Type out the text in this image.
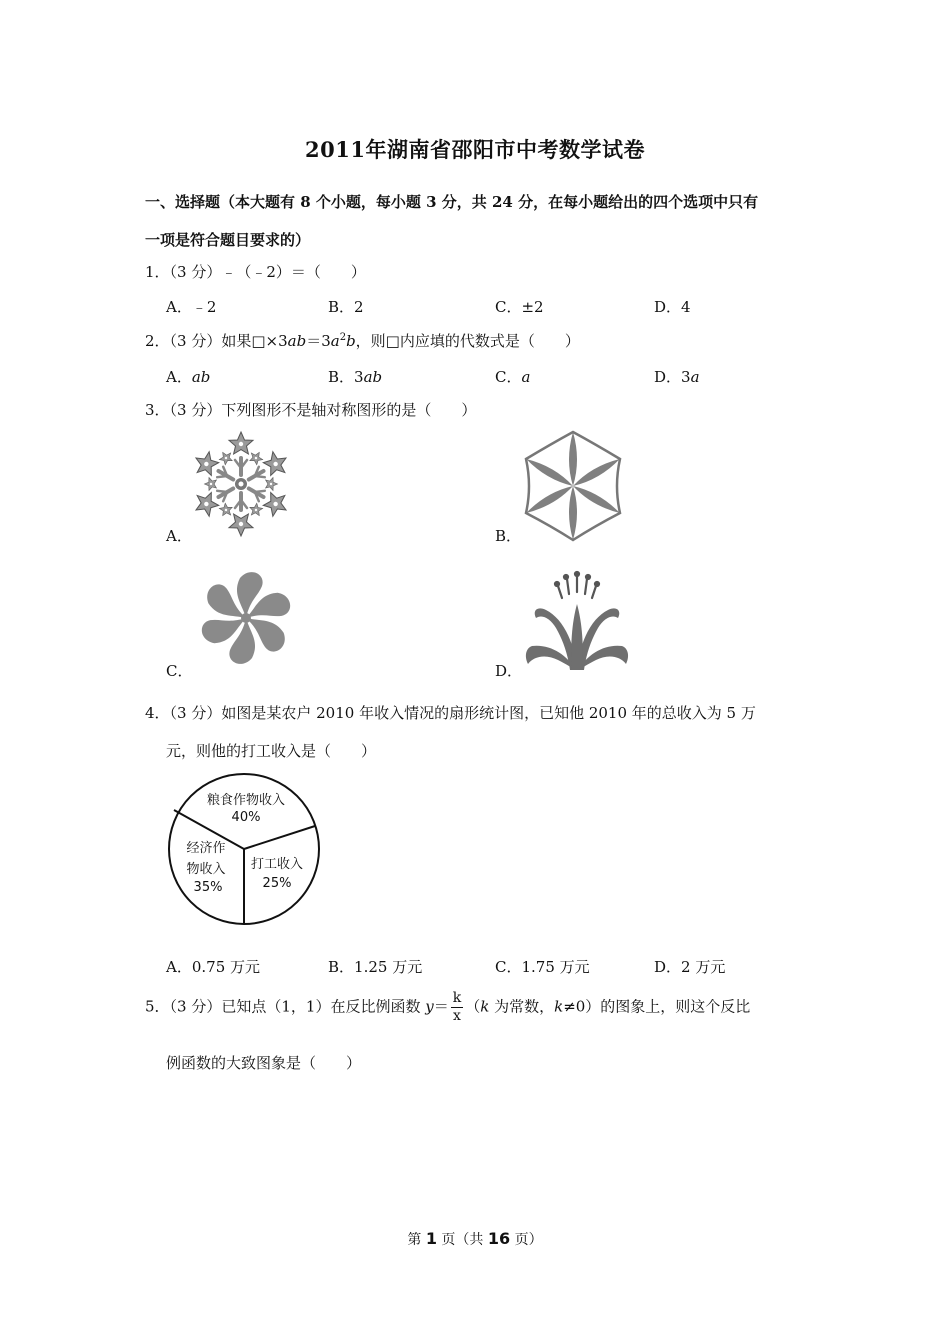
2011年湖南省邵阳市中考数学试卷
一、选择题（本大题有 8 个小题，每小题 3 分，共 24 分，在每小题给出的四个选项中只有
一项是符合题目要求的）
1．（3 分）﹣（﹣2）＝（　　）
A．﹣2	B．2	C．±2	D．4
2．（3 分）如果$□\times 3ab=3a^2b$，则□内应填的代数式是（　　）
A．ab	B．3ab	C．a	D．3a
3．（3 分）下列图形不是轴对称图形的是（　　）
A．	B．
C．	D．
4．（3 分）如图是某农户 2010 年收入情况的扇形统计图，已知他 2010 年的总收入为 5 万
元，则他的打工收入是（　　）
粮食作物收入
40%
经济作
物收入
35%
打工收入
25%
A．0.75 万元	B．1.25 万元	C．1.75 万元	D．2 万元
5．（3 分）已知点（1，1）在反比例函数 $y= \frac{k}{x} (k$ 为常数，k≠0）的图象上，则这个反比
例函数的大致图象是（　　）
第 1 页（共 16 页）
